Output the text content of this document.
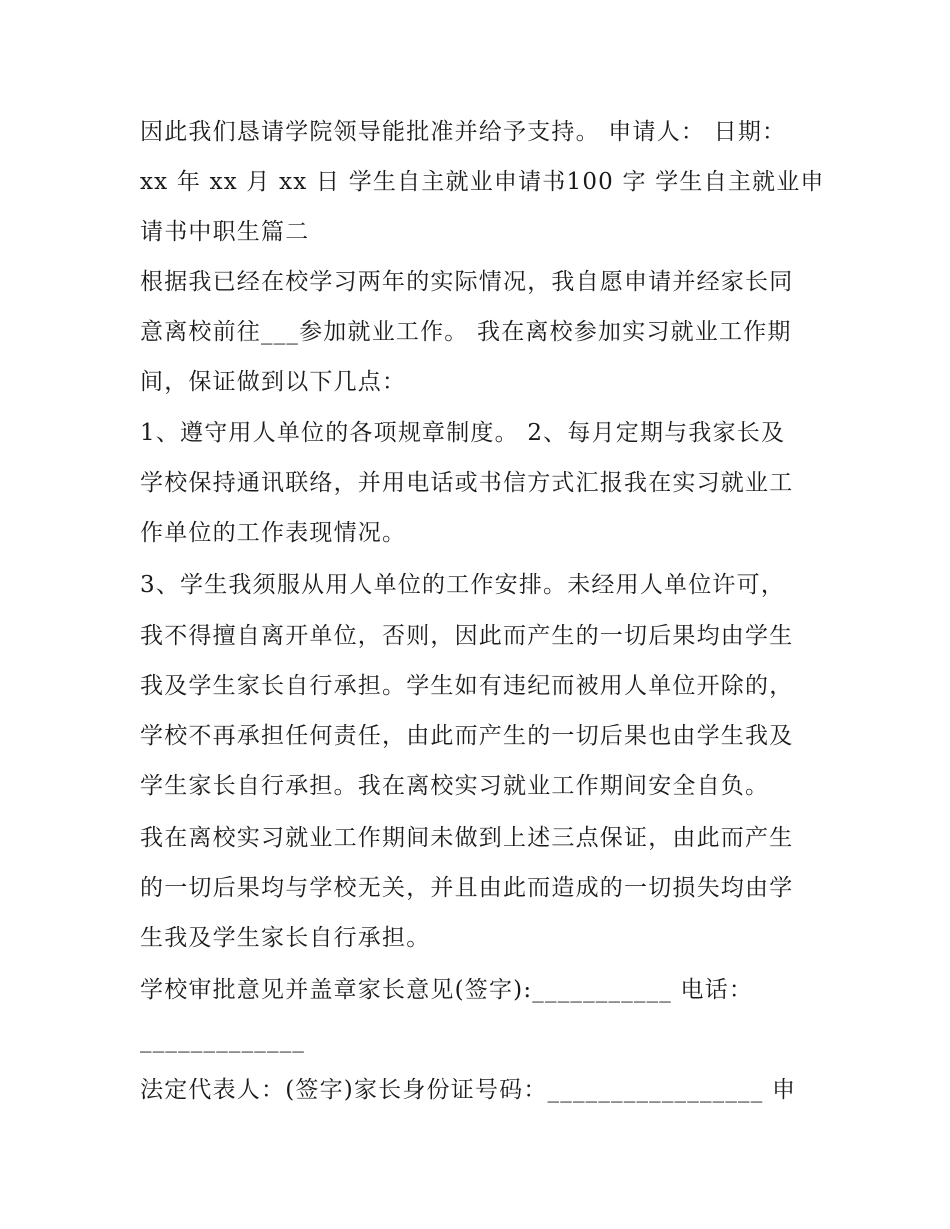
因此我们恳请学院领导能批准并给予支持。 申请人： 日期：
xx 年 xx 月 xx 日 学生自主就业申请书100 字 学生自主就业申
请书中职生篇二
根据我已经在校学习两年的实际情况，我自愿申请并经家长同
意离校前往___参加就业工作。 我在离校参加实习就业工作期
间，保证做到以下几点：
1、遵守用人单位的各项规章制度。 2、每月定期与我家长及
学校保持通讯联络，并用电话或书信方式汇报我在实习就业工
作单位的工作表现情况。
3、学生我须服从用人单位的工作安排。未经用人单位许可，
我不得擅自离开单位，否则，因此而产生的一切后果均由学生
我及学生家长自行承担。学生如有违纪而被用人单位开除的，
学校不再承担任何责任，由此而产生的一切后果也由学生我及
学生家长自行承担。我在离校实习就业工作期间安全自负。
我在离校实习就业工作期间未做到上述三点保证，由此而产生
的一切后果均与学校无关，并且由此而造成的一切损失均由学
生我及学生家长自行承担。
学校审批意见并盖章家长意见(签字):___________ 电话：
_____________
法定代表人：(签字)家长身份证号码：_________________ 申
